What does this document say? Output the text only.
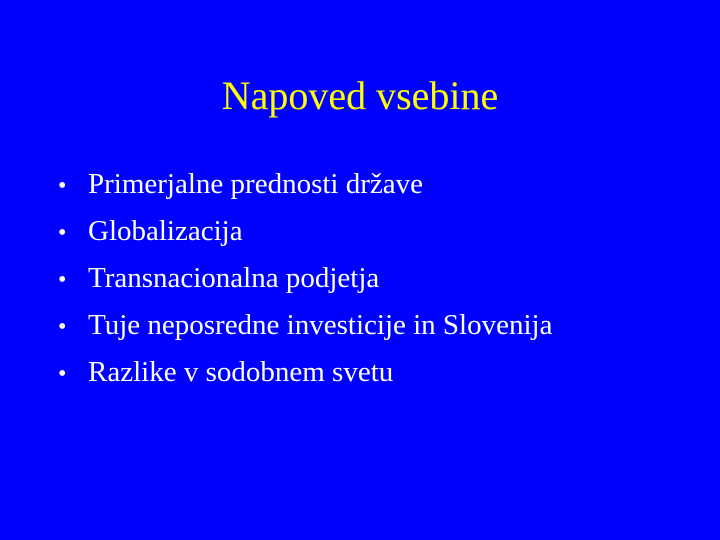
Napoved vsebine
• Primerjalne prednosti države
• Globalizacija
• Transnacionalna podjetja
• Tuje neposredne investicije in Slovenija
• Razlike v sodobnem svetu
